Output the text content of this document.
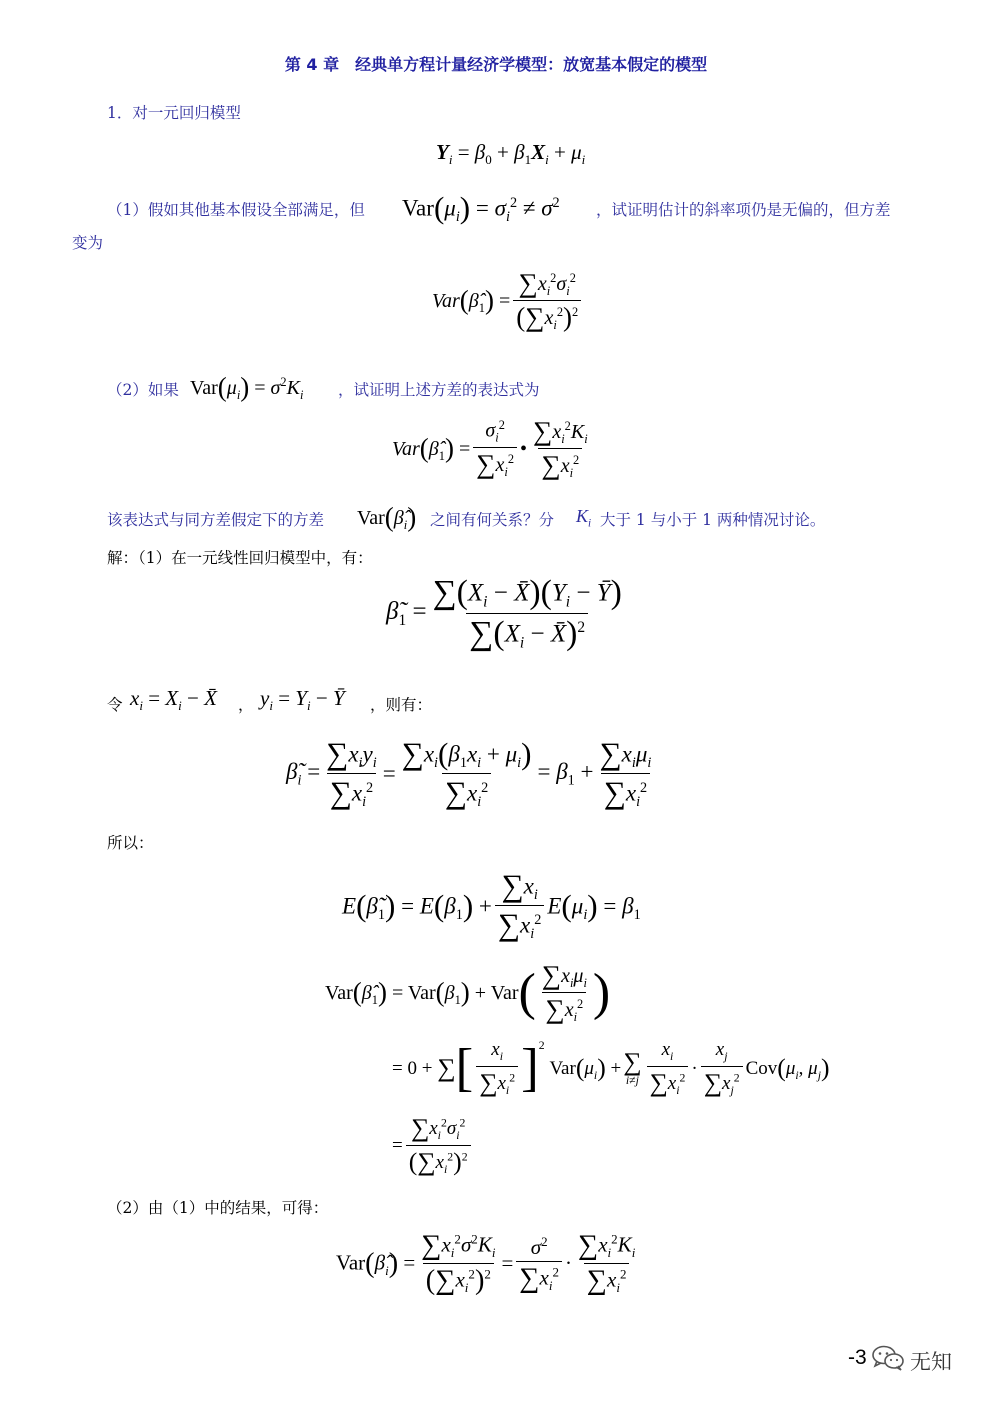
第 4 章　经典单方程计量经济学模型：放宽基本假定的模型
1．对一元回归模型
$Y_i = \beta_0 + \beta_1X_i + \mu_i$
（1）假如其他基本假设全部满足，但 $Var(\mu_i) = \sigma_i^2 \ne \sigma^2$ ，试证明估计的斜率项仍是无偏的，但方差
变为
$Var(\betâ_1) = \frac{\sum x_i^2\sigma_i^2}{(\sum x_i^2)^2}$
（2）如果 $Var(\mu_i) = \sigma^2K_i$ ，试证明上述方差的表达式为
$Var(\betâ_1) = \frac{\sigma_i^2}{\sum x_i^2}$ • $\frac{\sum x_i^2K_i}{\sum x_i^2}$
该表达式与同方差假定下的方差 $Var(\betâ_i)$ 之间有何关系？分 $K_i$ 大于 1 与小于 1 两种情况讨论。
解：（1）在一元线性回归模型中，有：
$\betã_1 = \frac{\sum(X_i - X̄)(Y_i - Ȳ)}{\sum(X_i - X̄)^2}$
令 $x_i = X_i$ − X̄ ， $y_i = Y_i$ − Ȳ ，则有：
$\betã_i = \frac{\sum x_iy_i}{\sum x_i^2} = \frac{\sum x_i(\beta_1x_i + \mu_i)}{\sum x_i^2} = \beta_1 + \frac{\sum x_i\mu_i}{\sum x_i^2}$
所以：
$E(\betã_1) = E(\beta_1) + \frac{\sum x_i}{\sum x_i^2} E(\mu_i) = \beta_1$
$Var(\betâ_1) = Var(\beta_1)$ + Var ( $\frac{\sum x_i\mu_i}{\sum x_i^2}$ )
= 0 + ∑ [ $\frac{x_i}{\sum x_i^2} ]^2$
$Var(\mu_i)$ + ∑
$i\ne j \frac{x_i}{\sum x_i^2} \cdot \frac{x_j}{\sum x_j^2} Cov(\mu_i$, $\mu_j$)
= $\frac{\sum x_i^2\sigma_i^2}{(\sum x_i^2)^2}$
（2）由（1）中的结果，可得：
$Var(\betâ_i) = \frac{\sum x_i^2\sigma^2K_i}{(\sum x_i^2)^2} = \frac{\sigma^2}{\sum x_i^2} \cdot \frac{\sum x_i^2K_i}{\sum x_i^2}$
-3 无知
